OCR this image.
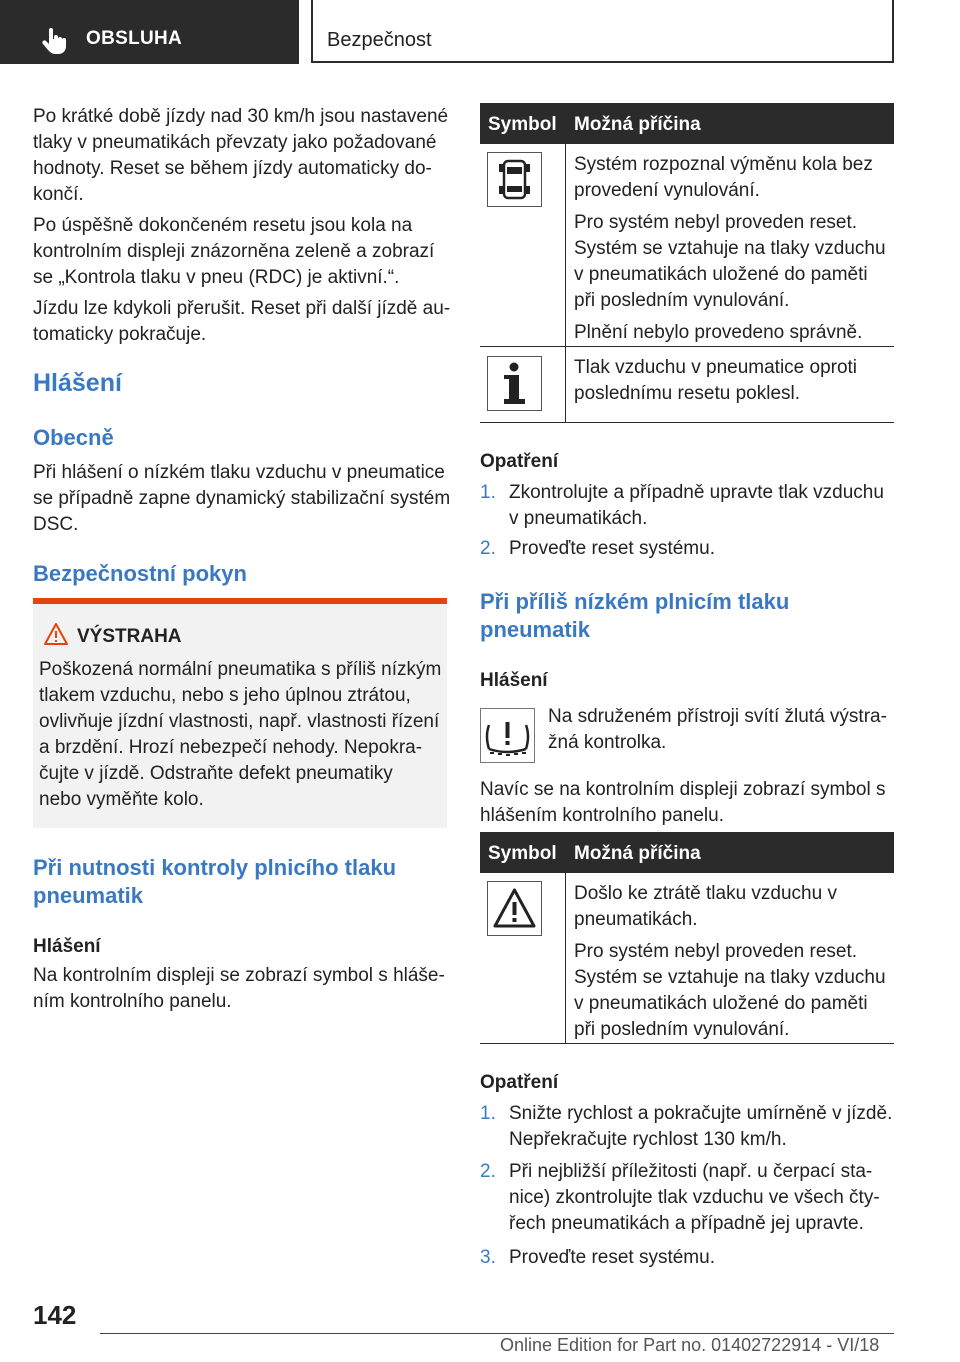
OBSLUHA	Bezpečnost
Po krátké době jízdy nad 30 km/h jsou nastavené
tlaky v pneumatikách převzaty jako požadované
hodnoty. Reset se během jízdy automaticky do-
končí.
Po úspěšně dokončeném resetu jsou kola na
kontrolním displeji znázorněna zeleně a zobrazí
se „Kontrola tlaku v pneu (RDC) je aktivní.“.
Jízdu lze kdykoli přerušit. Reset při další jízdě au-
tomaticky pokračuje.
Hlášení
Obecně
Při hlášení o nízkém tlaku vzduchu v pneumatice
se případně zapne dynamický stabilizační systém
DSC.
Bezpečnostní pokyn
VÝSTRAHA
Poškozená normální pneumatika s příliš nízkým
tlakem vzduchu, nebo s jeho úplnou ztrátou,
ovlivňuje jízdní vlastnosti, např. vlastnosti řízení
a brzdění. Hrozí nebezpečí nehody. Nepokra-
čujte v jízdě. Odstraňte defekt pneumatiky
nebo vyměňte kolo.
Při nutnosti kontroly plnicího tlaku
pneumatik
Hlášení
Na kontrolním displeji se zobrazí symbol s hláše-
ním kontrolního panelu.
Symbol Možná příčina
Systém rozpoznal výměnu kola bez
provedení vynulování.
Pro systém nebyl proveden reset.
Systém se vztahuje na tlaky vzduchu
v pneumatikách uložené do paměti
při posledním vynulování.
Plnění nebylo provedeno správně.
Tlak vzduchu v pneumatice oproti
poslednímu resetu poklesl.
Opatření
1. Zkontrolujte a případně upravte tlak vzduchu
v pneumatikách.
2. Proveďte reset systému.
Při příliš nízkém plnicím tlaku
pneumatik
Hlášení
Na sdruženém přístroji svítí žlutá výstra-
žná kontrolka.
Navíc se na kontrolním displeji zobrazí symbol s
hlášením kontrolního panelu.
Symbol Možná příčina
Došlo ke ztrátě tlaku vzduchu v
pneumatikách.
Pro systém nebyl proveden reset.
Systém se vztahuje na tlaky vzduchu
v pneumatikách uložené do paměti
při posledním vynulování.
Opatření
1. Snižte rychlost a pokračujte umírněně v jízdě.
Nepřekračujte rychlost 130 km/h.
2. Při nejbližší příležitosti (např. u čerpací sta-
nice) zkontrolujte tlak vzduchu ve všech čty-
řech pneumatikách a případně jej upravte.
3. Proveďte reset systému.
142
Online Edition for Part no. 01402722914 - VI/18
